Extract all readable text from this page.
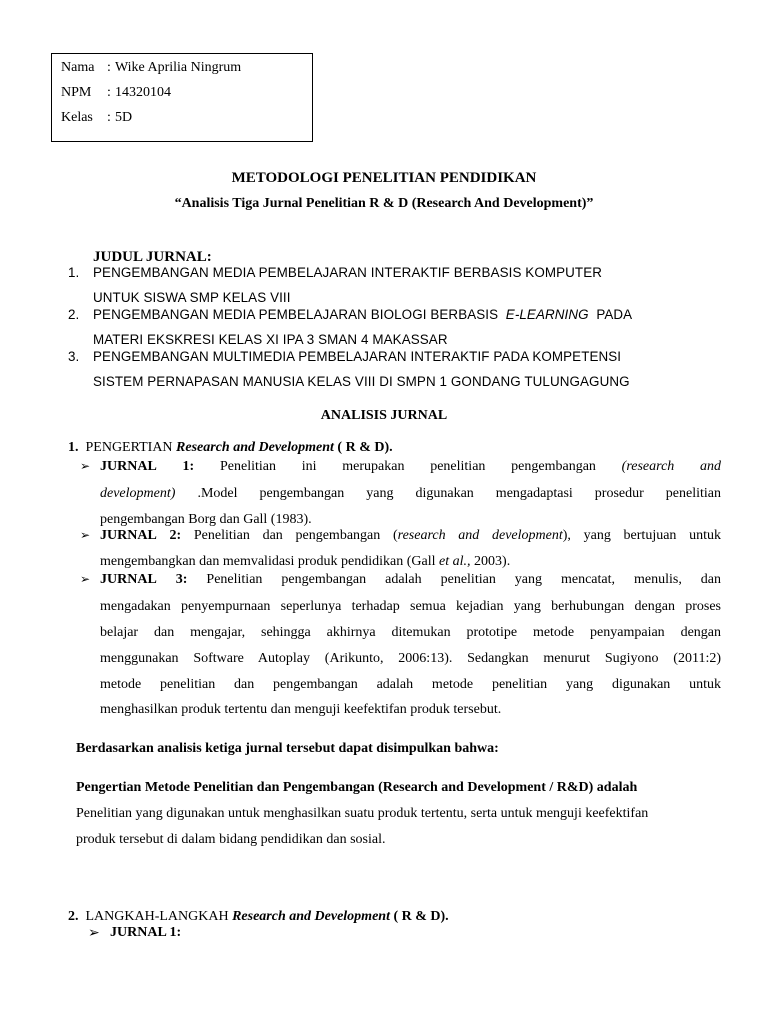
Nama : Wike Aprilia Ningrum
NPM : 14320104
Kelas : 5D
METODOLOGI PENELITIAN PENDIDIKAN
“Analisis Tiga Jurnal Penelitian R & D (Research And Development)”
JUDUL JURNAL:
1. PENGEMBANGAN MEDIA PEMBELAJARAN INTERAKTIF BERBASIS KOMPUTER
UNTUK SISWA SMP KELAS VIII
2. PENGEMBANGAN MEDIA PEMBELAJARAN BIOLOGI BERBASIS E-LEARNING PADA
MATERI EKSKRESI KELAS XI IPA 3 SMAN 4 MAKASSAR
3. PENGEMBANGAN MULTIMEDIA PEMBELAJARAN INTERAKTIF PADA KOMPETENSI
SISTEM PERNAPASAN MANUSIA KELAS VIII DI SMPN 1 GONDANG TULUNGAGUNG
ANALISIS JURNAL
1. PENGERTIAN Research and Development ( R & D).
➢ JURNAL 1: Penelitian ini merupakan penelitian pengembangan (research and
development) .Model pengembangan yang digunakan mengadaptasi prosedur penelitian
pengembangan Borg dan Gall (1983).
➢ JURNAL 2: Penelitian dan pengembangan (research and development), yang bertujuan untuk
mengembangkan dan memvalidasi produk pendidikan (Gall et al., 2003).
➢ JURNAL 3: Penelitian pengembangan adalah penelitian yang mencatat, menulis, dan
mengadakan penyempurnaan seperlunya terhadap semua kejadian yang berhubungan dengan proses
belajar dan mengajar, sehingga akhirnya ditemukan prototipe metode penyampaian dengan
menggunakan Software Autoplay (Arikunto, 2006:13). Sedangkan menurut Sugiyono (2011:2)
metode penelitian dan pengembangan adalah metode penelitian yang digunakan untuk
menghasilkan produk tertentu dan menguji keefektifan produk tersebut.
Berdasarkan analisis ketiga jurnal tersebut dapat disimpulkan bahwa:
Pengertian Metode Penelitian dan Pengembangan (Research and Development / R&D) adalah
Penelitian yang digunakan untuk menghasilkan suatu produk tertentu, serta untuk menguji keefektifan
produk tersebut di dalam bidang pendidikan dan sosial.
2. LANGKAH-LANGKAH Research and Development ( R & D).
➢ JURNAL 1:
